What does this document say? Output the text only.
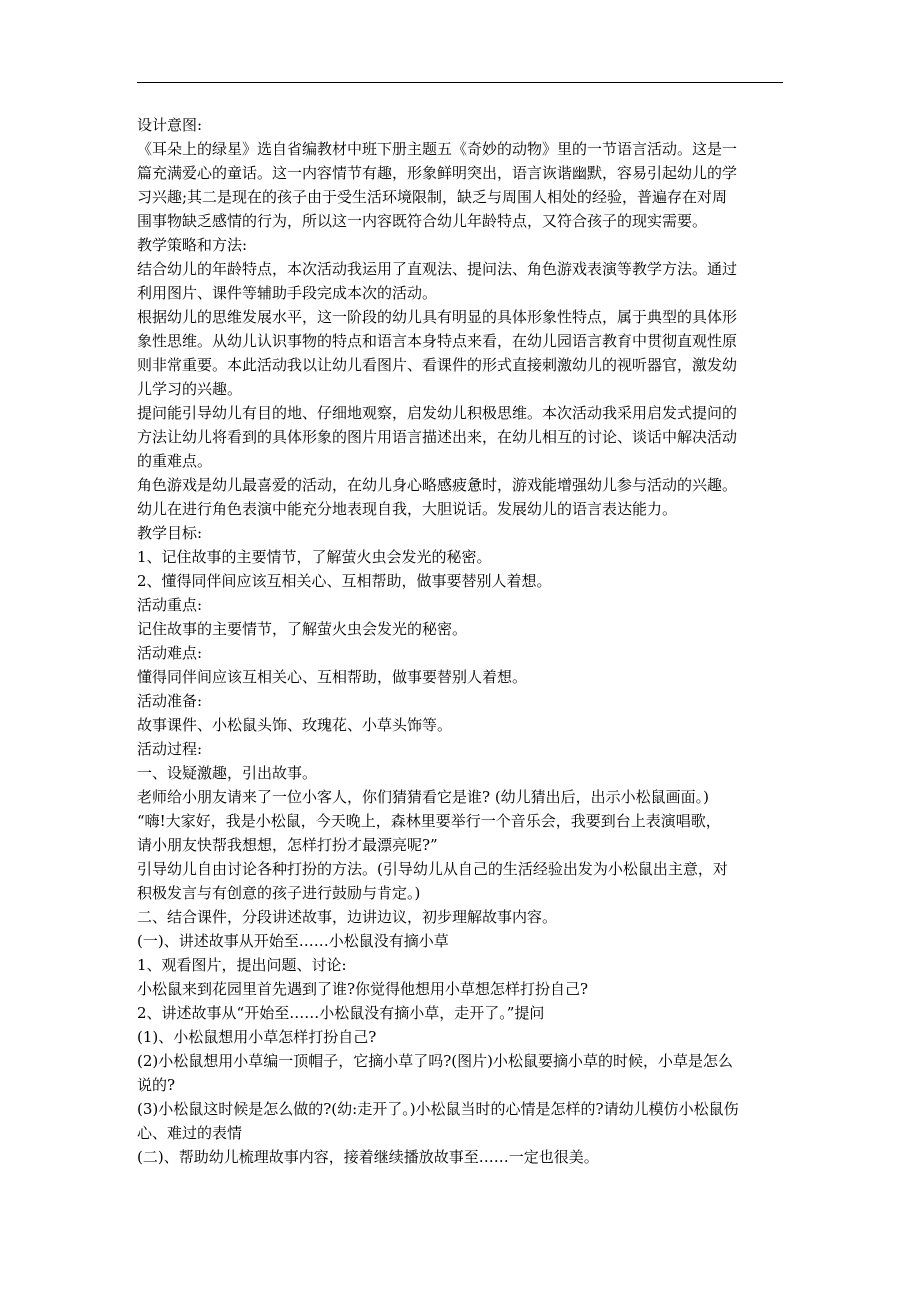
设计意图:
《耳朵上的绿星》选自省编教材中班下册主题五《奇妙的动物》里的一节语言活动。这是一
篇充满爱心的童话。这一内容情节有趣，形象鲜明突出，语言诙谐幽默，容易引起幼儿的学
习兴趣;其二是现在的孩子由于受生活环境限制，缺乏与周围人相处的经验，普遍存在对周
围事物缺乏感情的行为，所以这一内容既符合幼儿年龄特点，又符合孩子的现实需要。
教学策略和方法:
结合幼儿的年龄特点，本次活动我运用了直观法、提问法、角色游戏表演等教学方法。通过
利用图片、课件等辅助手段完成本次的活动。
根据幼儿的思维发展水平，这一阶段的幼儿具有明显的具体形象性特点，属于典型的具体形
象性思维。从幼儿认识事物的特点和语言本身特点来看，在幼儿园语言教育中贯彻直观性原
则非常重要。本此活动我以让幼儿看图片、看课件的形式直接刺激幼儿的视听器官，激发幼
儿学习的兴趣。
提问能引导幼儿有目的地、仔细地观察，启发幼儿积极思维。本次活动我采用启发式提问的
方法让幼儿将看到的具体形象的图片用语言描述出来，在幼儿相互的讨论、谈话中解决活动
的重难点。
角色游戏是幼儿最喜爱的活动，在幼儿身心略感疲惫时，游戏能增强幼儿参与活动的兴趣。
幼儿在进行角色表演中能充分地表现自我，大胆说话。发展幼儿的语言表达能力。
教学目标:
1、记住故事的主要情节，了解萤火虫会发光的秘密。
2、懂得同伴间应该互相关心、互相帮助，做事要替别人着想。
活动重点:
记住故事的主要情节，了解萤火虫会发光的秘密。
活动难点:
懂得同伴间应该互相关心、互相帮助，做事要替别人着想。
活动准备:
故事课件、小松鼠头饰、玫瑰花、小草头饰等。
活动过程:
一、设疑激趣，引出故事。
老师给小朋友请来了一位小客人，你们猜猜看它是谁? (幼儿猜出后，出示小松鼠画面。)
“嗨!大家好，我是小松鼠，今天晚上，森林里要举行一个音乐会，我要到台上表演唱歌，
请小朋友快帮我想想，怎样打扮才最漂亮呢?”
引导幼儿自由讨论各种打扮的方法。(引导幼儿从自己的生活经验出发为小松鼠出主意，对
积极发言与有创意的孩子进行鼓励与肯定。)
二、结合课件，分段讲述故事，边讲边议，初步理解故事内容。
(一)、讲述故事从开始至……小松鼠没有摘小草
1、观看图片，提出问题、讨论:
小松鼠来到花园里首先遇到了谁?你觉得他想用小草想怎样打扮自己?
2、讲述故事从“开始至……小松鼠没有摘小草，走开了。”提问
(1)、小松鼠想用小草怎样打扮自己?
(2)小松鼠想用小草编一顶帽子，它摘小草了吗?(图片)小松鼠要摘小草的时候，小草是怎么
说的?
(3)小松鼠这时候是怎么做的?(幼:走开了。)小松鼠当时的心情是怎样的?请幼儿模仿小松鼠伤
心、难过的表情
(二)、帮助幼儿梳理故事内容，接着继续播放故事至……一定也很美。
